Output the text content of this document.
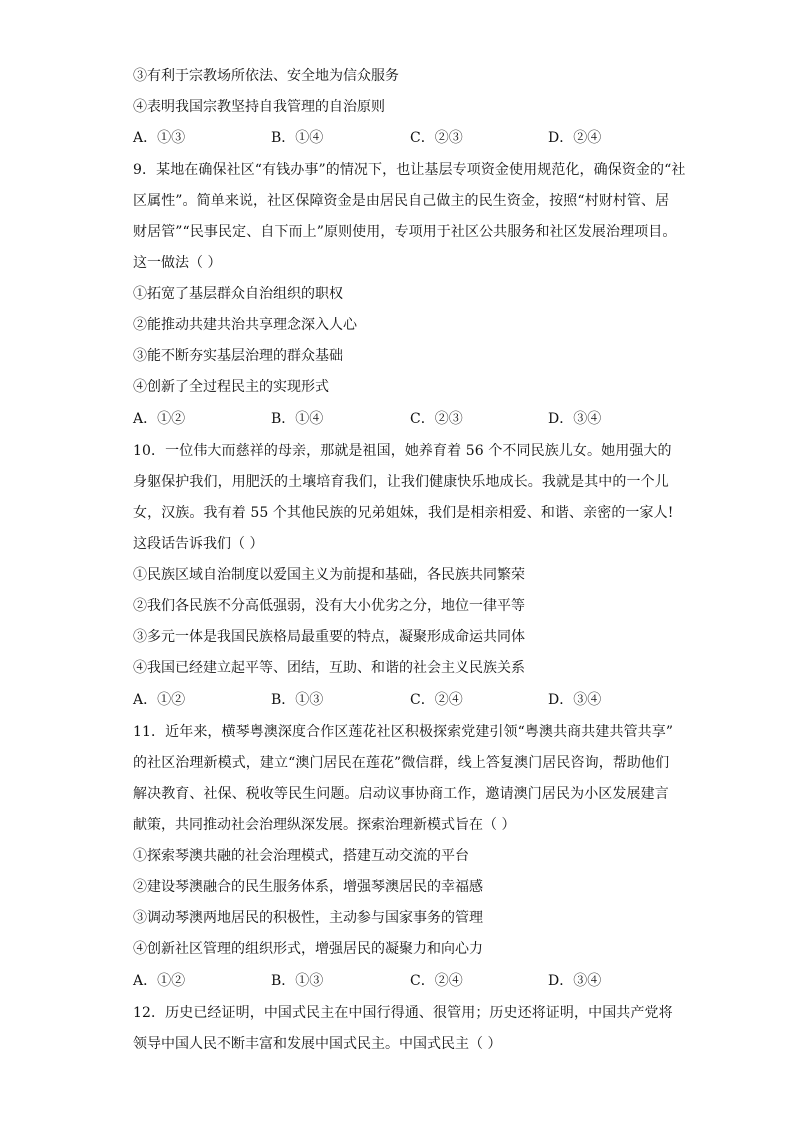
③有利于宗教场所依法、安全地为信众服务
④表明我国宗教坚持自我管理的自治原则
A．①③	B．①④	C．②③	D．②④
9．某地在确保社区“有钱办事”的情况下，也让基层专项资金使用规范化，确保资金的“社
区属性”。简单来说，社区保障资金是由居民自己做主的民生资金，按照“村财村管、居
财居管”“民事民定、自下而上”原则使用，专项用于社区公共服务和社区发展治理项目。
这一做法（ ）
①拓宽了基层群众自治组织的职权
②能推动共建共治共享理念深入人心
③能不断夯实基层治理的群众基础
④创新了全过程民主的实现形式
A．①②	B．①④	C．②③	D．③④
10．一位伟大而慈祥的母亲，那就是祖国，她养育着 56 个不同民族儿女。她用强大的
身躯保护我们，用肥沃的土壤培育我们，让我们健康快乐地成长。我就是其中的一个儿
女，汉族。我有着 55 个其他民族的兄弟姐妹，我们是相亲相爱、和谐、亲密的一家人!
这段话告诉我们（ ）
①民族区域自治制度以爱国主义为前提和基础，各民族共同繁荣
②我们各民族不分高低强弱，没有大小优劣之分，地位一律平等
③多元一体是我国民族格局最重要的特点，凝聚形成命运共同体
④我国已经建立起平等、团结，互助、和谐的社会主义民族关系
A．①②	B．①③	C．②④	D．③④
11．近年来，横琴粤澳深度合作区莲花社区积极探索党建引领“粤澳共商共建共管共享”
的社区治理新模式，建立“澳门居民在莲花”微信群，线上答复澳门居民咨询，帮助他们
解决教育、社保、税收等民生问题。启动议事协商工作，邀请澳门居民为小区发展建言
献策，共同推动社会治理纵深发展。探索治理新模式旨在（ ）
①探索琴澳共融的社会治理模式，搭建互动交流的平台
②建设琴澳融合的民生服务体系，增强琴澳居民的幸福感
③调动琴澳两地居民的积极性，主动参与国家事务的管理
④创新社区管理的组织形式，增强居民的凝聚力和向心力
A．①②	B．①③	C．②④	D．③④
12．历史已经证明，中国式民主在中国行得通、很管用；历史还将证明，中国共产党将
领导中国人民不断丰富和发展中国式民主。中国式民主（ ）
